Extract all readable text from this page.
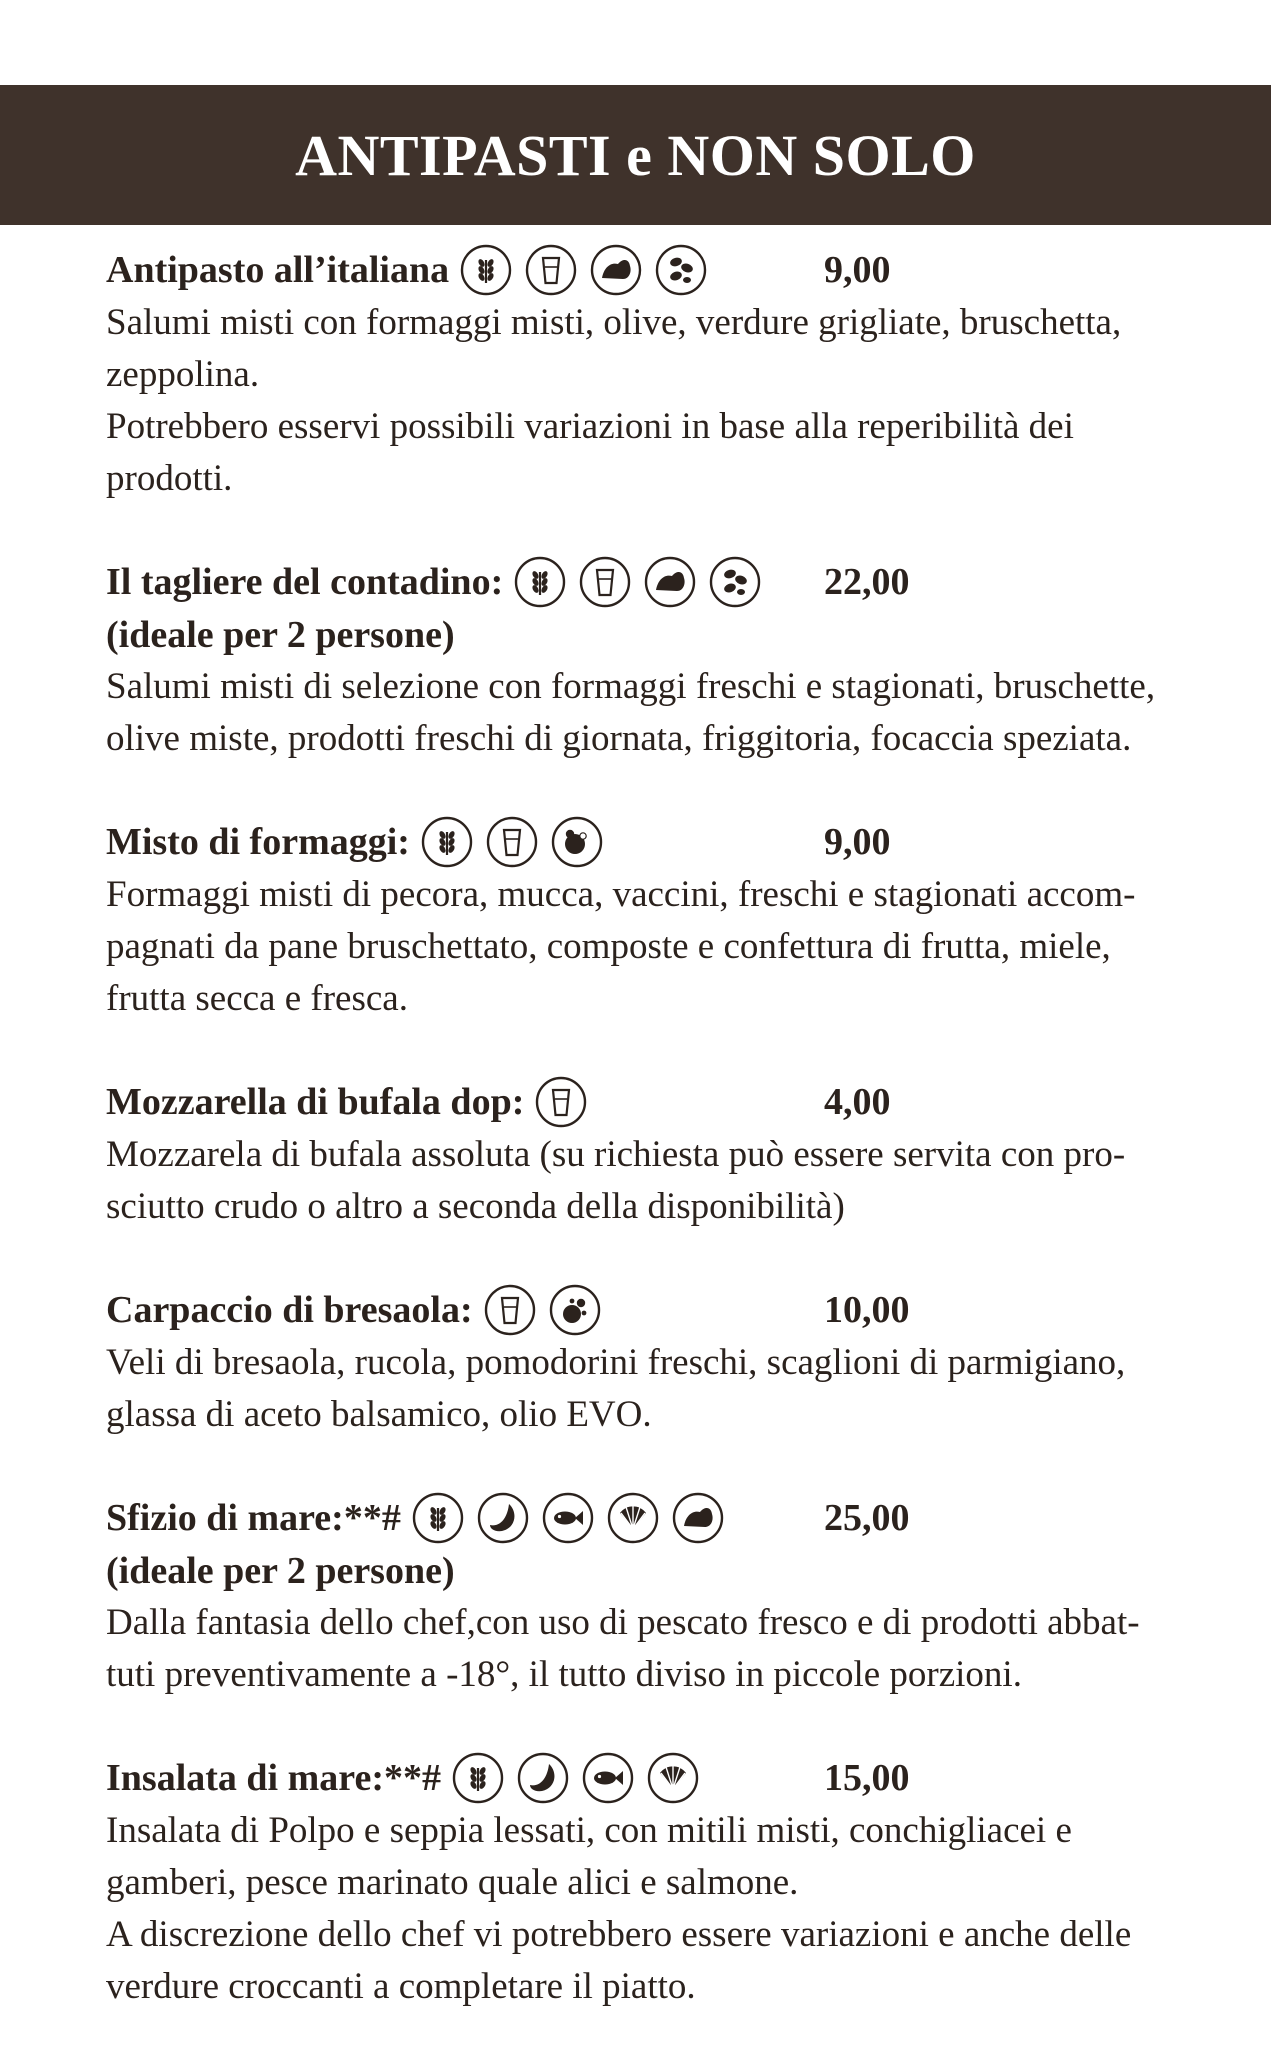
ANTIPASTI e NON SOLO
Antipasto all’italiana	9,00
Salumi misti con formaggi misti, olive, verdure grigliate, bruschetta,
zeppolina.
Potrebbero esservi possibili variazioni in base alla reperibilità dei
prodotti.
Il tagliere del contadino:	22,00
(ideale per 2 persone)
Salumi misti di selezione con formaggi freschi e stagionati, bruschette,
olive miste, prodotti freschi di giornata, friggitoria, focaccia speziata.
Misto di formaggi:	9,00
Formaggi misti di pecora, mucca, vaccini, freschi e stagionati accom-
pagnati da pane bruschettato, composte e confettura di frutta, miele,
frutta secca e fresca.
Mozzarella di bufala dop:	4,00
Mozzarela di bufala assoluta (su richiesta può essere servita con pro-
sciutto crudo o altro a seconda della disponibilità)
Carpaccio di bresaola:	10,00
Veli di bresaola, rucola, pomodorini freschi, scaglioni di parmigiano,
glassa di aceto balsamico, olio EVO.
Sfizio di mare:**#	25,00
(ideale per 2 persone)
Dalla fantasia dello chef,con uso di pescato fresco e di prodotti abbat-
tuti preventivamente a -18°, il tutto diviso in piccole porzioni.
Insalata di mare:**#	15,00
Insalata di Polpo e seppia lessati, con mitili misti, conchigliacei e
gamberi, pesce marinato quale alici e salmone.
A discrezione dello chef vi potrebbero essere variazioni e anche delle
verdure croccanti a completare il piatto.
